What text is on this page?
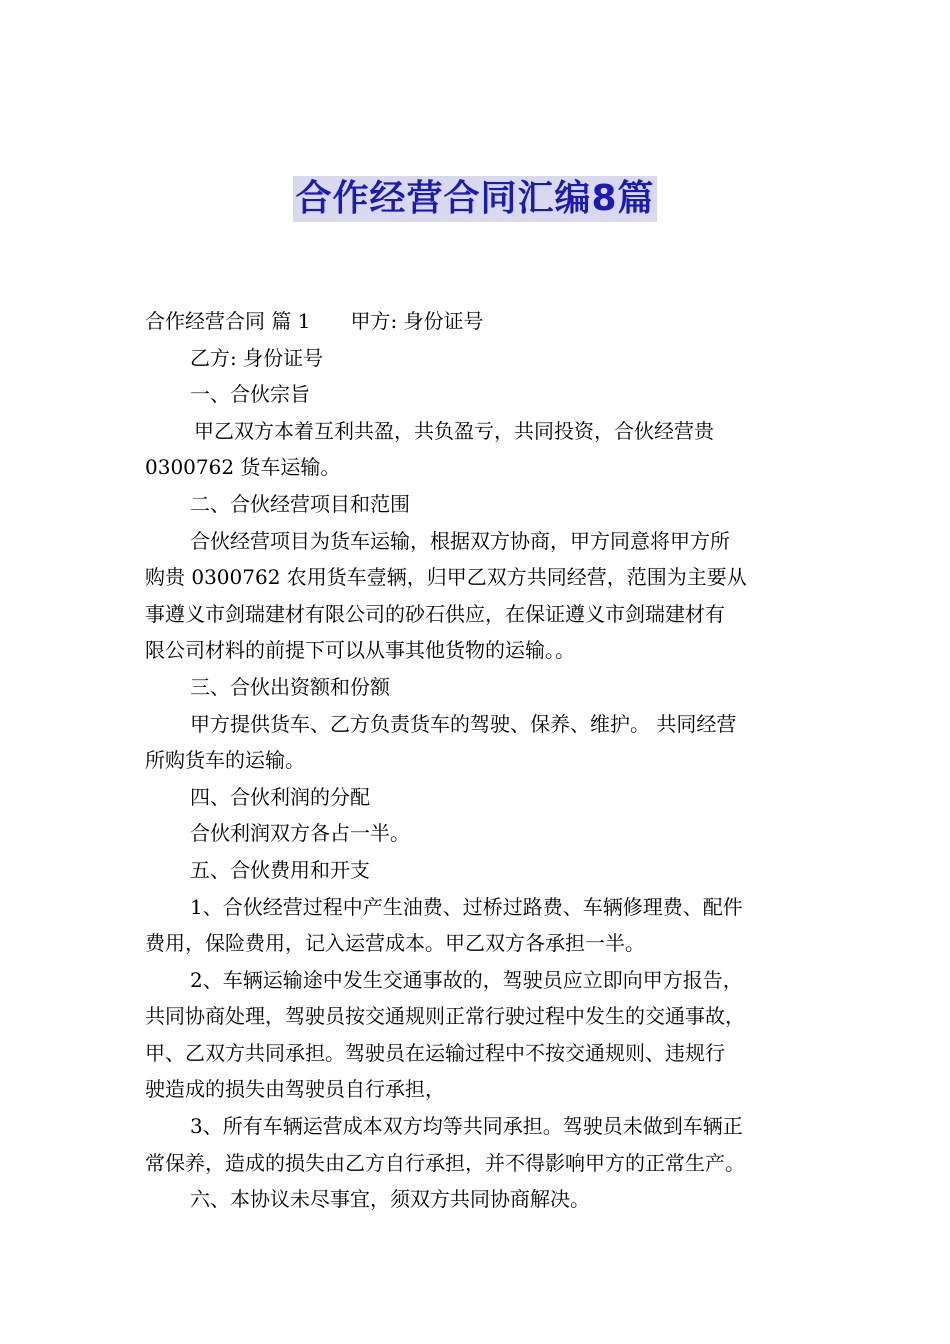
合作经营合同汇编8篇

合作经营合同 篇 1 甲方: 身份证号

乙方: 身份证号

一、合伙宗旨

甲乙双方本着互利共盈，共负盈亏，共同投资，合伙经营贵

0300762 货车运输。

二、合伙经营项目和范围

合伙经营项目为货车运输，根据双方协商，甲方同意将甲方所

购贵 0300762 农用货车壹辆，归甲乙双方共同经营，范围为主要从

事遵义市剑瑞建材有限公司的砂石供应，在保证遵义市剑瑞建材有

限公司材料的前提下可以从事其他货物的运输。。

三、合伙出资额和份额

甲方提供货车、乙方负责货车的驾驶、保养、维护。 共同经营

所购货车的运输。

四、合伙利润的分配

合伙利润双方各占一半。

五、合伙费用和开支

1、合伙经营过程中产生油费、过桥过路费、车辆修理费、配件

费用，保险费用，记入运营成本。甲乙双方各承担一半。

2、车辆运输途中发生交通事故的，驾驶员应立即向甲方报告，

共同协商处理，驾驶员按交通规则正常行驶过程中发生的交通事故，

甲、乙双方共同承担。驾驶员在运输过程中不按交通规则、违规行

驶造成的损失由驾驶员自行承担，

3、所有车辆运营成本双方均等共同承担。驾驶员未做到车辆正

常保养，造成的损失由乙方自行承担，并不得影响甲方的正常生产。

六、本协议未尽事宜，须双方共同协商解决。
